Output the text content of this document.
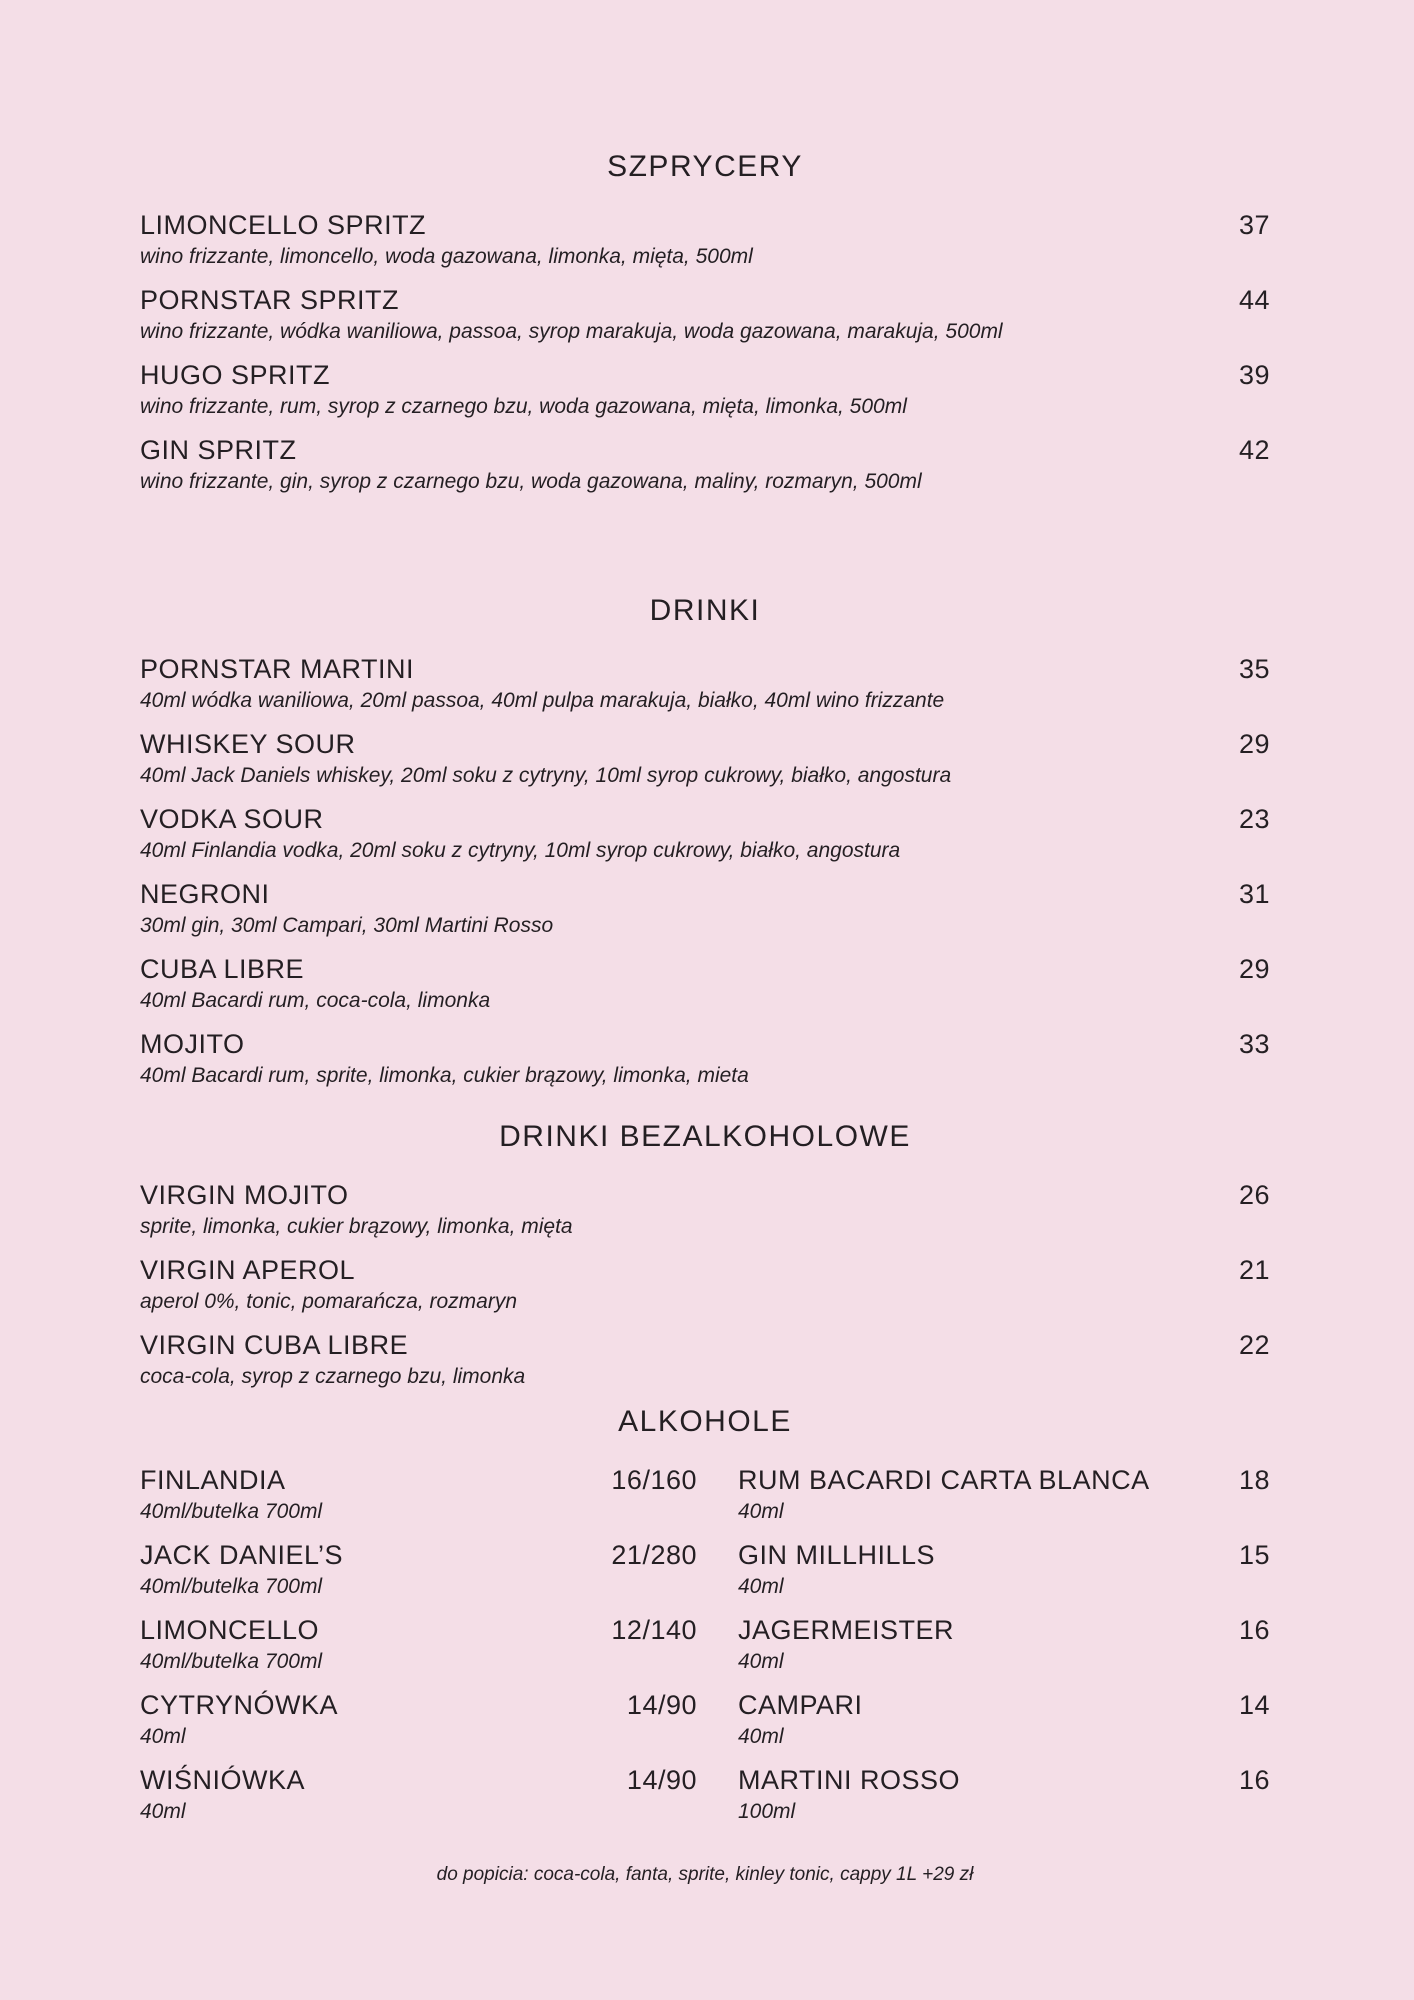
SZPRYCERY
LIMONCELLO SPRITZ	37
wino frizzante, limoncello, woda gazowana, limonka, mięta, 500ml
PORNSTAR SPRITZ	44
wino frizzante, wódka waniliowa, passoa, syrop marakuja, woda gazowana, marakuja, 500ml
HUGO SPRITZ	39
wino frizzante, rum, syrop z czarnego bzu, woda gazowana, mięta, limonka, 500ml
GIN SPRITZ	42
wino frizzante, gin, syrop z czarnego bzu, woda gazowana, maliny, rozmaryn, 500ml
DRINKI
PORNSTAR MARTINI	35
40ml wódka waniliowa, 20ml passoa, 40ml pulpa marakuja, białko, 40ml wino frizzante
WHISKEY SOUR	29
40ml Jack Daniels whiskey, 20ml soku z cytryny, 10ml syrop cukrowy, białko, angostura
VODKA SOUR	23
40ml Finlandia vodka, 20ml soku z cytryny, 10ml syrop cukrowy, białko, angostura
NEGRONI	31
30ml gin, 30ml Campari, 30ml Martini Rosso
CUBA LIBRE	29
40ml Bacardi rum, coca-cola, limonka
MOJITO	33
40ml Bacardi rum, sprite, limonka, cukier brązowy, limonka, mieta
DRINKI BEZALKOHOLOWE
VIRGIN MOJITO	26
sprite, limonka, cukier brązowy, limonka, mięta
VIRGIN APEROL	21
aperol 0%, tonic, pomarańcza, rozmaryn
VIRGIN CUBA LIBRE	22
coca-cola, syrop z czarnego bzu, limonka
ALKOHOLE
FINLANDIA	16/160
40ml/butelka 700ml
JACK DANIEL’S	21/280
40ml/butelka 700ml
LIMONCELLO	12/140
40ml/butelka 700ml
CYTRYNÓWKA	14/90
40ml
WIŚNIÓWKA	14/90
40ml
RUM BACARDI CARTA BLANCA	18
40ml
GIN MILLHILLS	15
40ml
JAGERMEISTER	16
40ml
CAMPARI	14
40ml
MARTINI ROSSO	16
100ml
do popicia: coca-cola, fanta, sprite, kinley tonic, cappy 1L +29 zł
